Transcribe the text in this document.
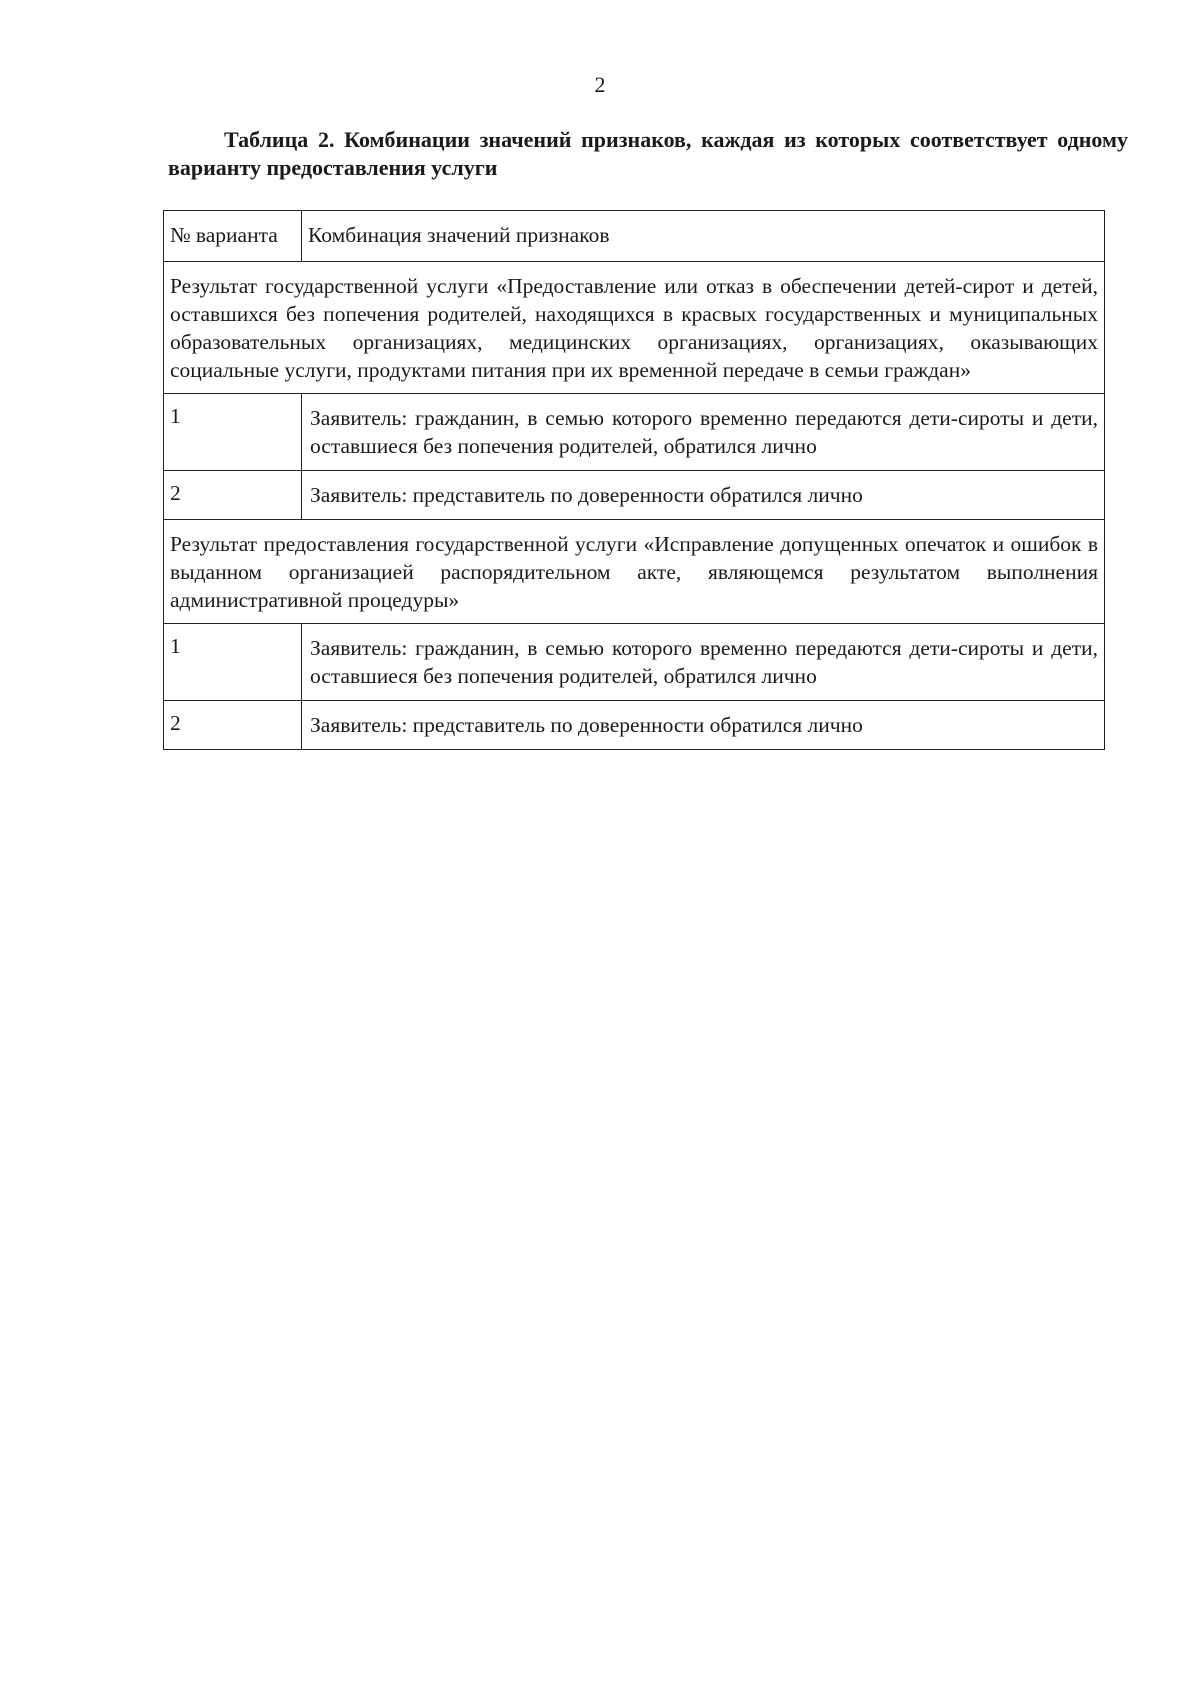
2
Таблица 2. Комбинации значений признаков, каждая из которых соответствует одному варианту предоставления услуги
№ варианта	Комбинация значений признаков
Результат государственной услуги «Предоставление или отказ в обеспечении детей-сирот и детей, оставшихся без попечения родителей, находящихся в красвых государственных и муниципальных образовательных организациях, медицинских организациях, организациях, оказывающих социальные услуги, продуктами питания при их временной передаче в семьи граждан»	
1	Заявитель: гражданин, в семью которого временно передаются дети-сироты и дети, оставшиеся без попечения родителей, обратился лично
2	Заявитель: представитель по доверенности обратился лично
Результат предоставления государственной услуги «Исправление допущенных опечаток и ошибок в выданном организацией распорядительном акте, являющемся результатом выполнения административной процедуры»	
1	Заявитель: гражданин, в семью которого временно передаются дети-сироты и дети, оставшиеся без попечения родителей, обратился лично
2	Заявитель: представитель по доверенности обратился лично
